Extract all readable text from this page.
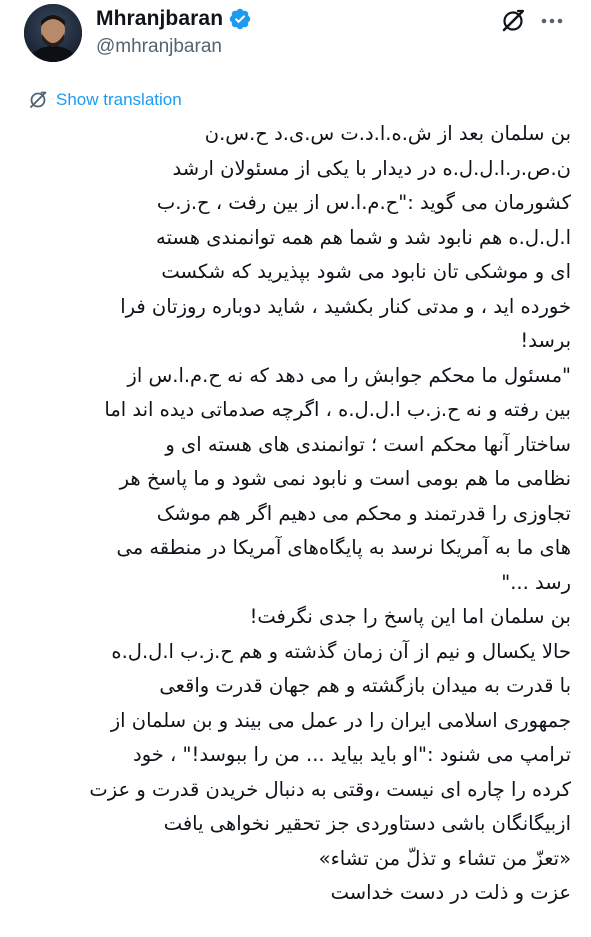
Mhranjbaran
@mhranjbaran
Show translation
بن سلمان بعد از ش.ه.ا.د.ت س.ی.د ح.س.ن
ن.ص.ر.ا.ل.ل.ه در دیدار با یکی از مسئولان ارشد
کشورمان می گوید :"ح.م.ا.س از بین رفت ، ح.ز.ب
ا.ل.ل.ه هم نابود شد و شما هم همه توانمندی هسته
ای و موشکی تان نابود می شود بپذیرید که شکست
خورده اید ، و مدتی کنار بکشید ، شاید دوباره روزتان فرا
برسد!
"مسئول ما محکم جوابش را می دهد که نه ح.م.ا.س از
بین رفته و نه ح.ز.ب ا.ل.ل.ه ، اگرچه صدماتی دیده اند اما
ساختار آنها محکم است ؛ توانمندی های هسته ای و
نظامی ما هم بومی است و نابود نمی شود و ما پاسخ هر
تجاوزی را قدرتمند و محکم می دهیم اگر هم موشک
های ما به آمریکا نرسد به پایگاه‌های آمریکا در منطقه می
رسد ..."
بن سلمان اما این پاسخ را جدی نگرفت!
حالا یکسال و نیم از آن زمان گذشته و هم ح.ز.ب ا.ل.ل.ه
با قدرت به میدان بازگشته و هم جهان قدرت واقعی
جمهوری اسلامی ایران را در عمل می بیند و بن سلمان از
ترامپ می شنود :"او باید بیاید ... من را ببوسد!" ، خود
کرده را چاره ای نیست ،وقتی به دنبال خریدن قدرت و عزت
ازبیگانگان باشی دستاوردی جز تحقیر نخواهی یافت
«تعزّ من تشاء و تذلّ من تشاء»
عزت و ذلت در دست خداست
